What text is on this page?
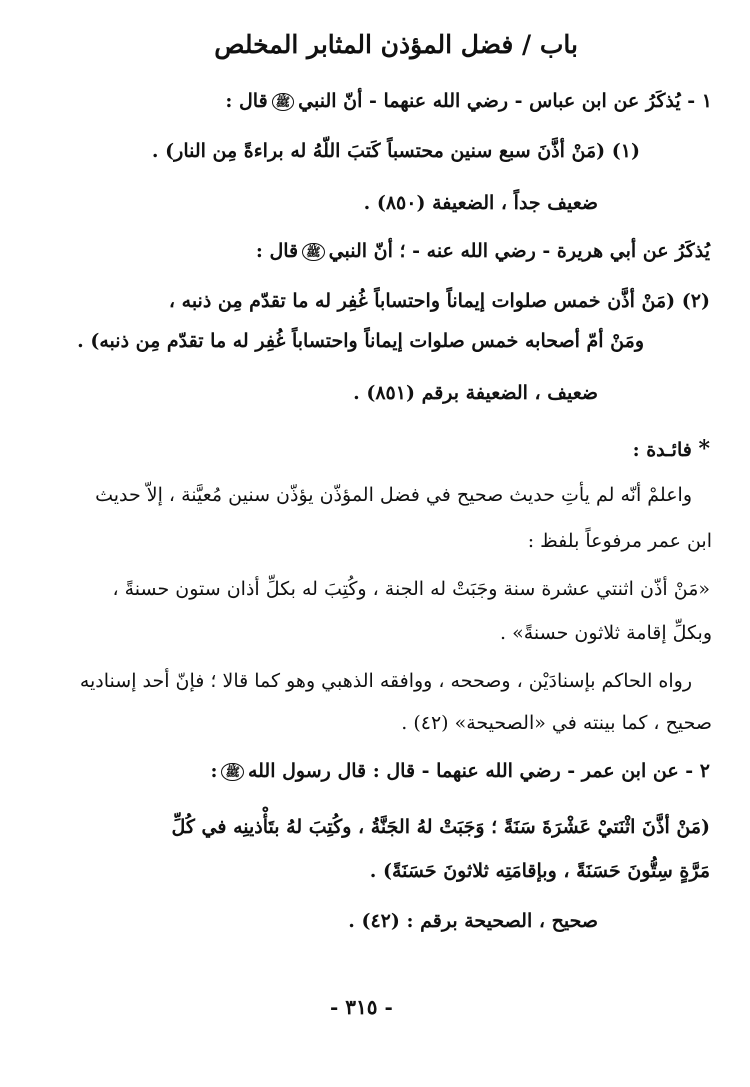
باب / فضل المؤذن المثابر المخلص
١ - يُذكَرُ عن ابن عباس - رضي الله عنهما - أنّ النبيﷺقال :
(١) (مَنْ أذَّنَ سبع سنين محتسباً كَتبَ اللّهُ له براءةً مِن النار) .
ضعيف جداً ، الضعيفة (٨٥٠) .
يُذكَرُ عن أبي هريرة - رضي الله عنه - ؛ أنّ النبيﷺقال :
(٢) (مَنْ أذَّن خمس صلوات إيماناً واحتساباً غُفِر له ما تقدّم مِن ذنبه ،
ومَنْ أمّ أصحابه خمس صلوات إيماناً واحتساباً غُفِر له ما تقدّم مِن ذنبه) .
ضعيف ، الضعيفة برقم (٨٥١) .
* فائـدة :
واعلمْ أنّه لم يأتِ حديث صحيح في فضل المؤذّن يؤذّن سنين مُعيَّنة ، إلاّ حديث
ابن عمر مرفوعاً بلفظ :
«مَنْ أذّن اثنتي عشرة سنة وجَبَتْ له الجنة ، وكُتِبَ له بكلِّ أذان ستون حسنةً ،
وبكلِّ إقامة ثلاثون حسنةً» .
رواه الحاكم بإسنادَيْن ، وصححه ، ووافقه الذهبي وهو كما قالا ؛ فإنّ أحد إسناديه
صحيح ، كما بينته في «الصحيحة» (٤٢) .
٢ - عن ابن عمر - رضي الله عنهما - قال : قال رسول اللهﷺ:
(مَنْ أذَّنَ اثْنَتيْ عَشْرَةَ سَنَةً ؛ وَجَبَتْ لهُ الجَنَّةُ ، وكُتِبَ لهُ بتَأْذينِه في كُلِّ
مَرَّةٍ سِتُّونَ حَسَنَةً ، وبإقامَتِه ثلاثونَ حَسَنَةً) .
صحيح ، الصحيحة برقم : (٤٢) .
- ٣١٥ -
